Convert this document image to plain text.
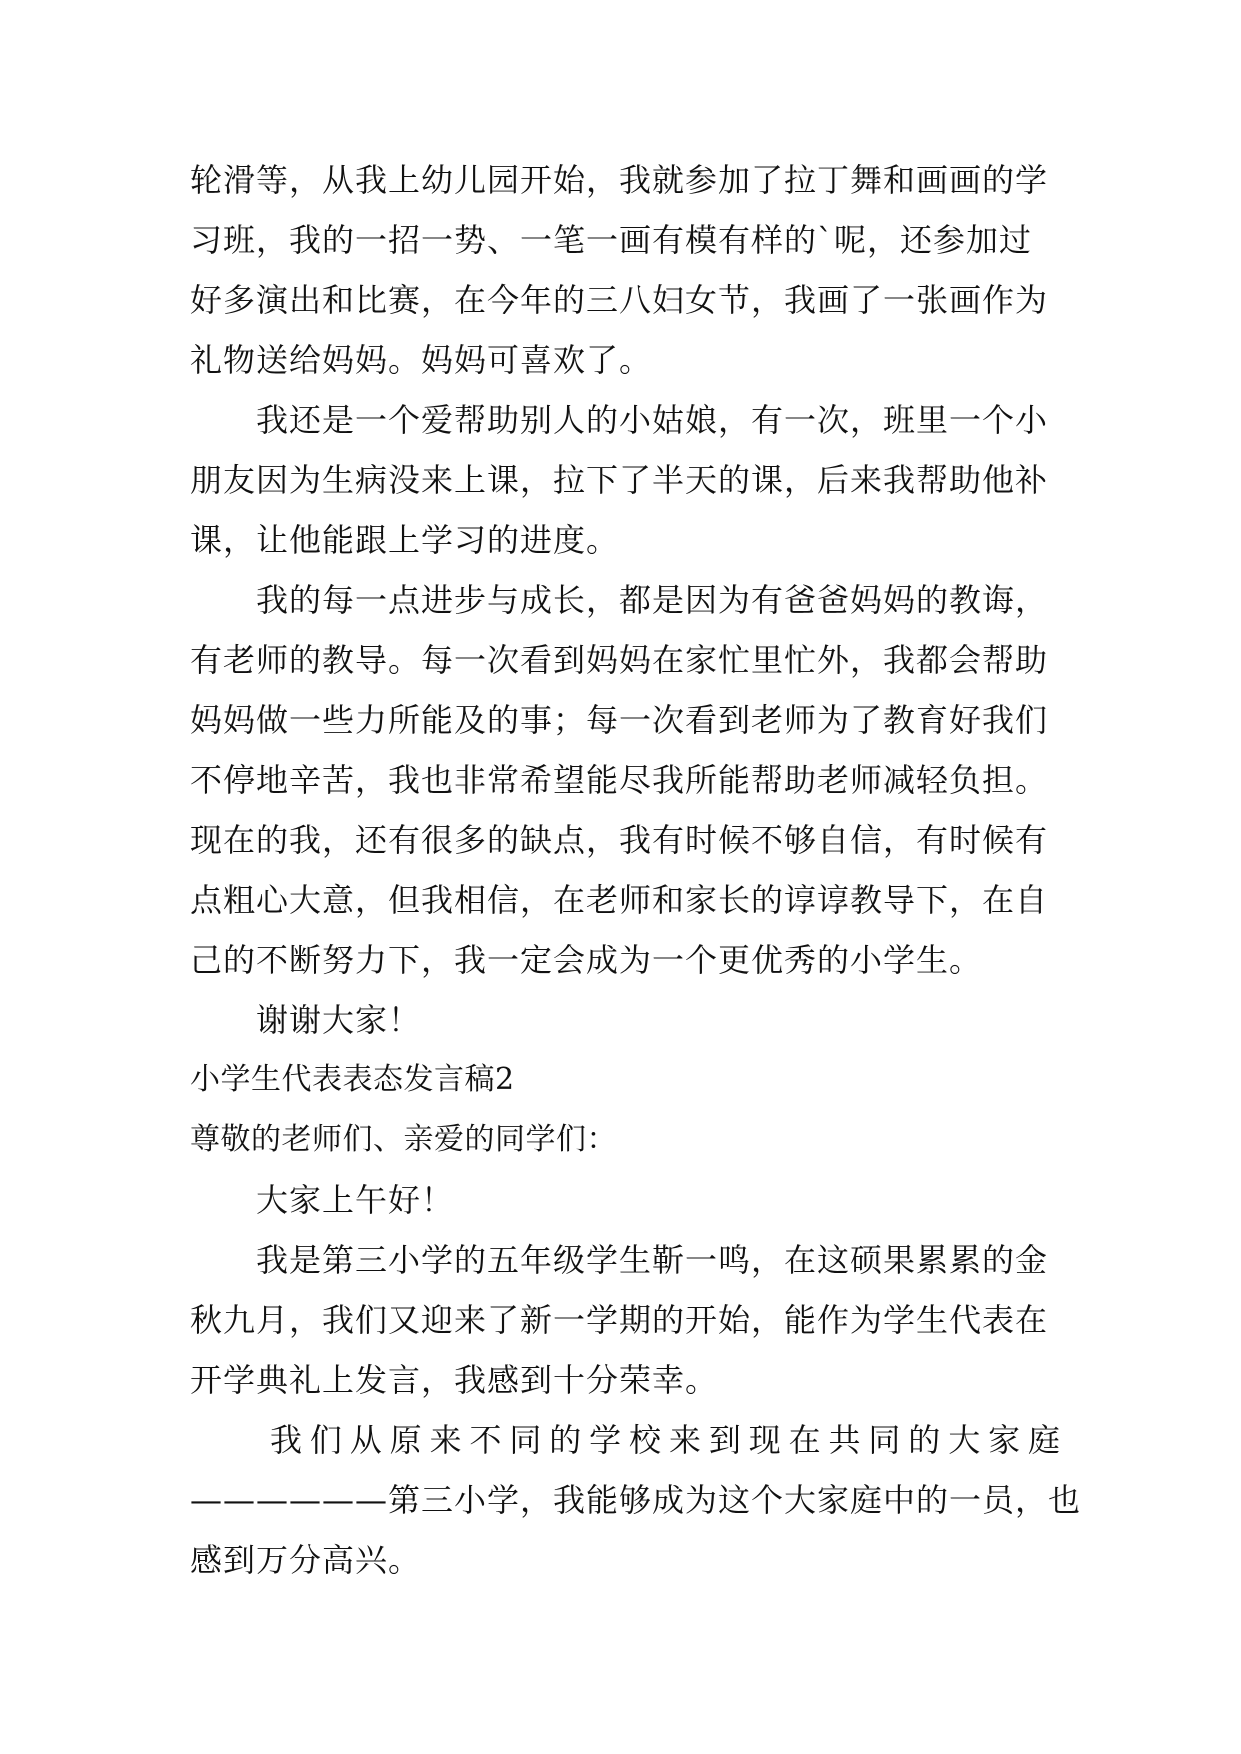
轮滑等，从我上幼儿园开始，我就参加了拉丁舞和画画的学
习班，我的一招一势、一笔一画有模有样的`呢，还参加过
好多演出和比赛，在今年的三八妇女节，我画了一张画作为
礼物送给妈妈。妈妈可喜欢了。
　　我还是一个爱帮助别人的小姑娘，有一次，班里一个小
朋友因为生病没来上课，拉下了半天的课，后来我帮助他补
课，让他能跟上学习的进度。
　　我的每一点进步与成长，都是因为有爸爸妈妈的教诲，
有老师的教导。每一次看到妈妈在家忙里忙外，我都会帮助
妈妈做一些力所能及的事；每一次看到老师为了教育好我们
不停地辛苦，我也非常希望能尽我所能帮助老师减轻负担。
现在的我，还有很多的缺点，我有时候不够自信，有时候有
点粗心大意，但我相信，在老师和家长的谆谆教导下，在自
己的不断努力下，我一定会成为一个更优秀的小学生。
　　谢谢大家！
小学生代表表态发言稿2
尊敬的老师们、亲爱的同学们：
　　大家上午好！
　　我是第三小学的五年级学生靳一鸣，在这硕果累累的金
秋九月，我们又迎来了新一学期的开始，能作为学生代表在
开学典礼上发言，我感到十分荣幸。
我们从原来不同的学校来到现在共同的大家庭
——————第三小学，我能够成为这个大家庭中的一员，也
感到万分高兴。
